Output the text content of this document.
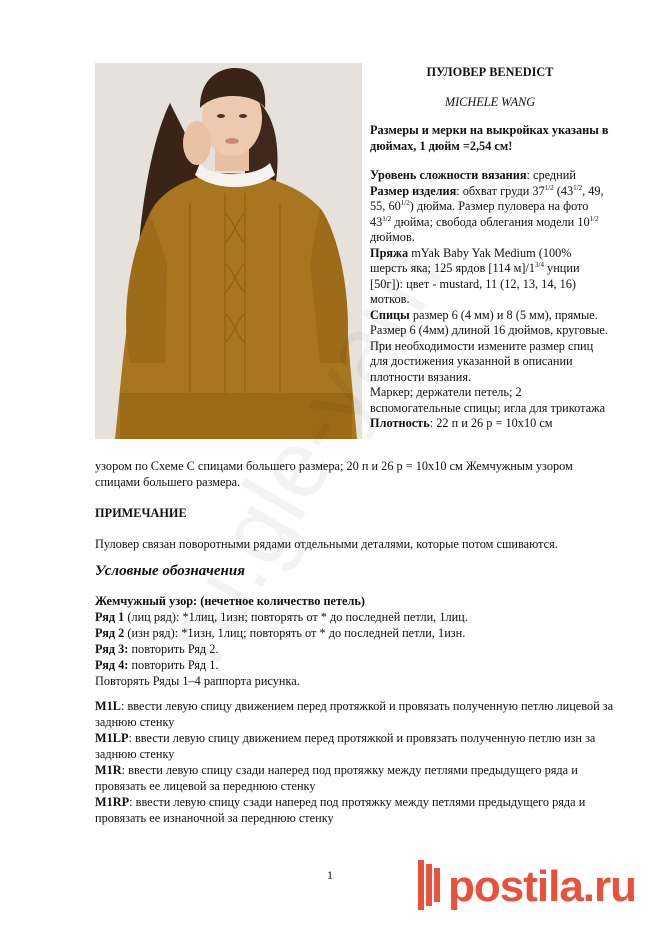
ПУЛОВЕР BENEDICT

MICHELE WANG

Размеры и мерки на выкройках указаны в дюймах, 1 дюйм =2,54 см!

Уровень сложности вязания: средний

Размер изделия: обхват груди $37^{1/2}$ ($43^{1/2}$, 49, 55, $60^{1/2}$) дюйма. Размер пуловера на фото $43^{1/2}$ дюйма; свобода облегания модели $10^{1/2}$ дюймов.

Пряжа mYak Baby Yak Medium (100% шерсть яка; 125 ярдов [114 $м]/1^{3/4}$ унции [50г]): цвет - mustard, 11 (12, 13, 14, 16) мотков.

Спицы размер 6 (4 мм) и 8 (5 мм), прямые. Размер 6 (4мм) длиной 16 дюймов, круговые. При необходимости измените размер спиц для достижения указанной в описании плотности вязания.

Маркер; держатели петель; 2 вспомогательные спицы; игла для трикотажа

Плотность: 22 п и 26 р = 10x10 см

узором по Схеме С спицами большего размера; 20 п и 26 р = 10x10 см Жемчужным узором спицами большего размера.

ПРИМЕЧАНИЕ

Пуловер связан поворотными рядами отдельными деталями, которые потом сшиваются.

Условные обозначения

Жемчужный узор: (нечетное количество петель)

Ряд 1 (лиц ряд): *1лиц, 1изн; повторять от * до последней петли, 1лиц.

Ряд 2 (изн ряд): *1изн, 1лиц; повторять от * до последней петли, 1изн.

Ряд 3: повторить Ряд 2.

Ряд 4: повторить Ряд 1.

Повторять Ряды 1–4 раппорта рисунка.

M1L: ввести левую спицу движением перед протяжкой и провязать полученную петлю лицевой за заднюю стенку

M1LP: ввести левую спицу движением перед протяжкой и провязать полученную петлю изн за заднюю стенку

M1R: ввести левую спицу сзади наперед под протяжку между петлями предыдущего ряда и провязать ее лицевой за переднюю стенку

M1RP: ввести левую спицу сзади наперед под протяжку между петлями предыдущего ряда и провязать ее изнаночной за переднюю стенку

1	postila.ru
